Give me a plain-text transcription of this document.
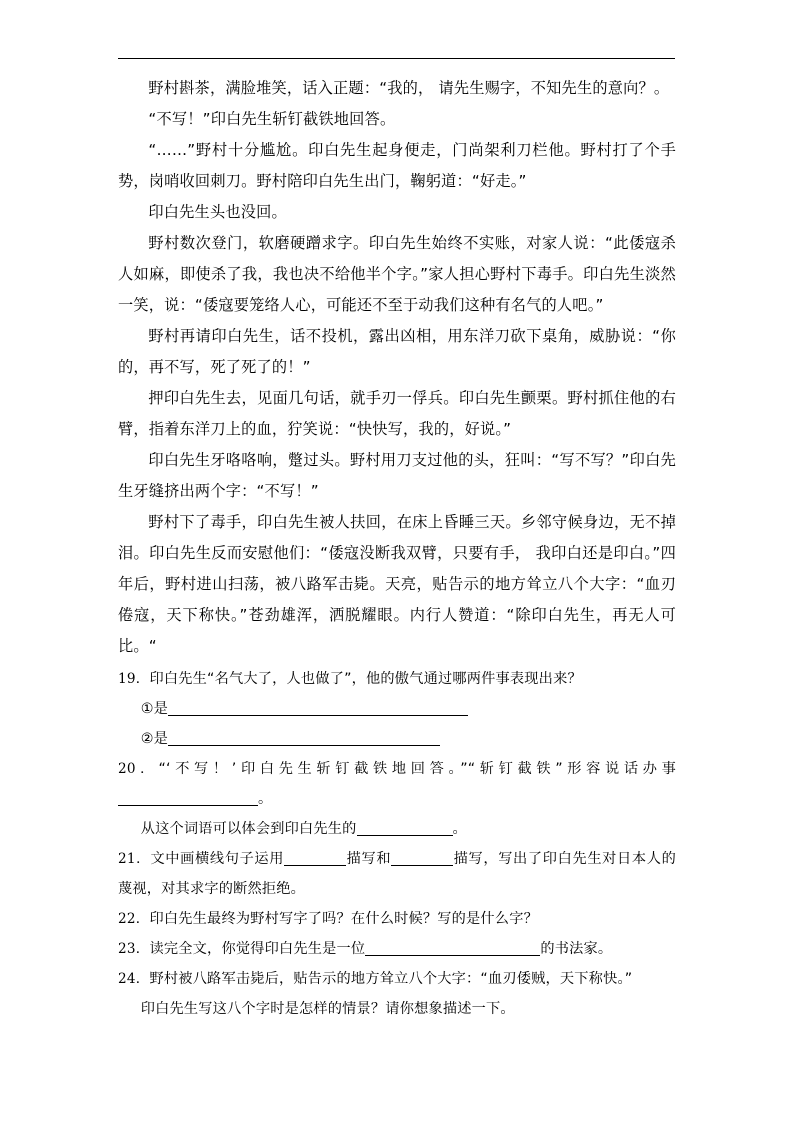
野村斟茶，满脸堆笑，话入正题：“我的， 请先生赐字，不知先生的意向？。

“不写！”印白先生斩钉截铁地回答。

“……”野村十分尴尬。印白先生起身便走，门尚架利刀栏他。野村打了个手势，岗哨收回刺刀。野村陪印白先生出门，鞠躬道：“好走。”

印白先生头也没回。

野村数次登门，软磨硬蹭求字。印白先生始终不实账，对家人说：“此倭寇杀人如麻，即使杀了我，我也决不给他半个字。”家人担心野村下毒手。印白先生淡然一笑，说：“倭寇要笼络人心，可能还不至于动我们这种有名气的人吧。”

野村再请印白先生，话不投机，露出凶相，用东洋刀砍下桌角，威胁说：“你的，再不写，死了死了的！”

押印白先生去，见面几句话，就手刃一俘兵。印白先生颤栗。野村抓住他的右臂，指着东洋刀上的血，狞笑说：“快快写，我的，好说。”

印白先生牙咯咯响，蹩过头。野村用刀支过他的头，狂叫：“写不写？”印白先生牙缝挤出两个字：“不写！”

野村下了毒手，印白先生被人扶回，在床上昏睡三天。乡邻守候身边，无不掉泪。印白先生反而安慰他们：“倭寇没断我双臂，只要有手， 我印白还是印白。”四年后，野村进山扫荡，被八路军击毙。天亮，贴告示的地方耸立八个大字：“血刃倦寇，天下称快。”苍劲雄浑，洒脱耀眼。内行人赞道：“除印白先生，再无人可比。“

19．印白先生“名气大了，人也做了”，他的傲气通过哪两件事表现出来？

①是

②是

20．“‘不写！’印白先生斩钉截铁地回答。”“斩钉截铁”形容说话办事。

从这个词语可以体会到印白先生的	。

21．文中画横线句子运用	描写和	描写，写出了印白先生对日本人的蔑视，对其求字的断然拒绝。

22．印白先生最终为野村写字了吗？在什么时候？写的是什么字？

23．读完全文，你觉得印白先生是一位	的书法家。

24．野村被八路军击毙后，贴告示的地方耸立八个大字：“血刃倭贼，天下称快。”

印白先生写这八个字时是怎样的情景？请你想象描述一下。
